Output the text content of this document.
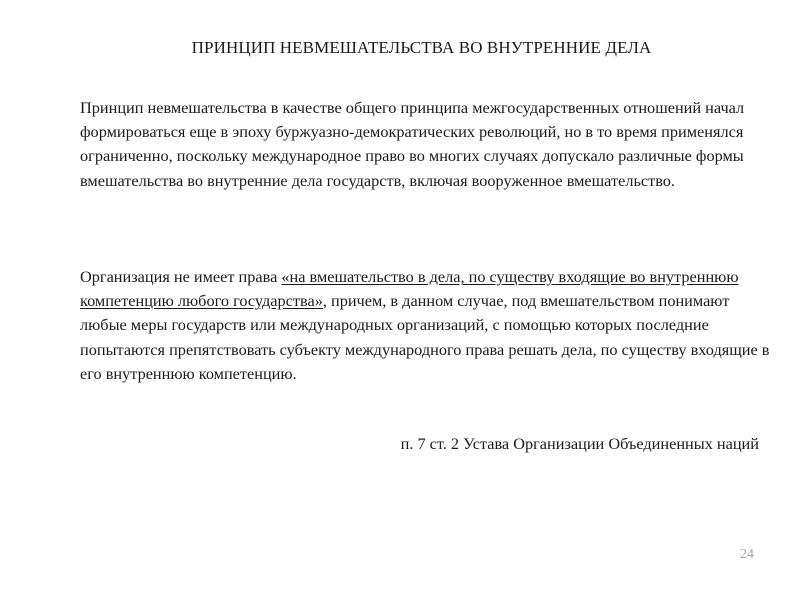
ПРИНЦИП НЕВМЕШАТЕЛЬСТВА ВО ВНУТРЕННИЕ ДЕЛА

Принцип невмешательства в качестве общего принципа межгосударственных отношений начал формироваться еще в эпоху буржуазно-демократических революций, но в то время применялся ограниченно, поскольку международное право во многих случаях допускало различные формы вмешательства во внутренние дела государств, включая вооруженное вмешательство.

Организация не имеет права «на вмешательство в дела, по существу входящие во внутреннюю компетенцию любого государства», причем, в данном случае, под вмешательством понимают любые меры государств или международных организаций, с помощью которых последние попытаются препятствовать субъекту международного права решать дела, по существу входящие в его внутреннюю компетенцию.

п. 7 ст. 2 Устава Организации Объединенных наций
24
